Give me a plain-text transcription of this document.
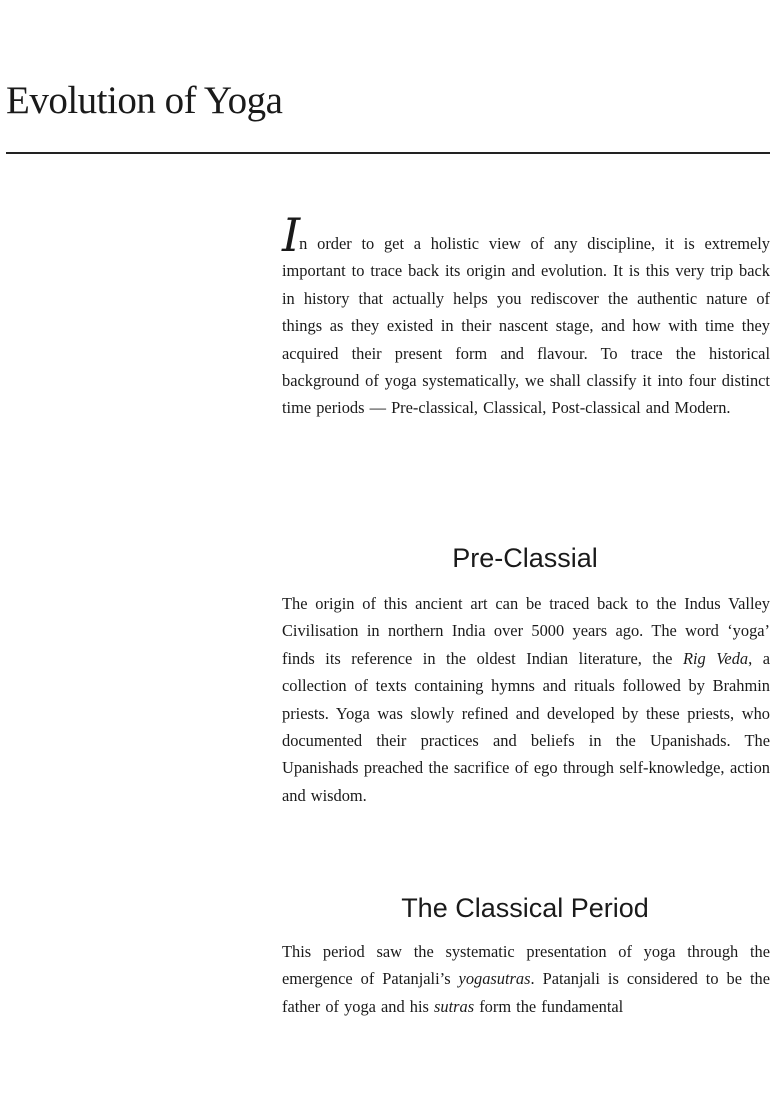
Evolution of Yoga

In order to get a holistic view of any discipline, it is extremely important to trace back its origin and evolution. It is this very trip back in history that actually helps you rediscover the authentic nature of things as they existed in their nascent stage, and how with time they acquired their present form and flavour. To trace the historical background of yoga systematically, we shall classify it into four distinct time periods — Pre-classical, Classical, Post-classical and Modern.

Pre-Classial

The origin of this ancient art can be traced back to the Indus Valley Civilisation in northern India over 5000 years ago. The word ‘yoga’ finds its reference in the oldest Indian literature, the Rig Veda, a collection of texts containing hymns and rituals followed by Brahmin priests. Yoga was slowly refined and developed by these priests, who documented their practices and beliefs in the Upanishads. The Upanishads preached the sacrifice of ego through self-knowledge, action and wisdom.

The Classical Period

This period saw the systematic presentation of yoga through the emergence of Patanjali’s yogasutras. Patanjali is considered to be the father of yoga and his sutras form the fundamental
